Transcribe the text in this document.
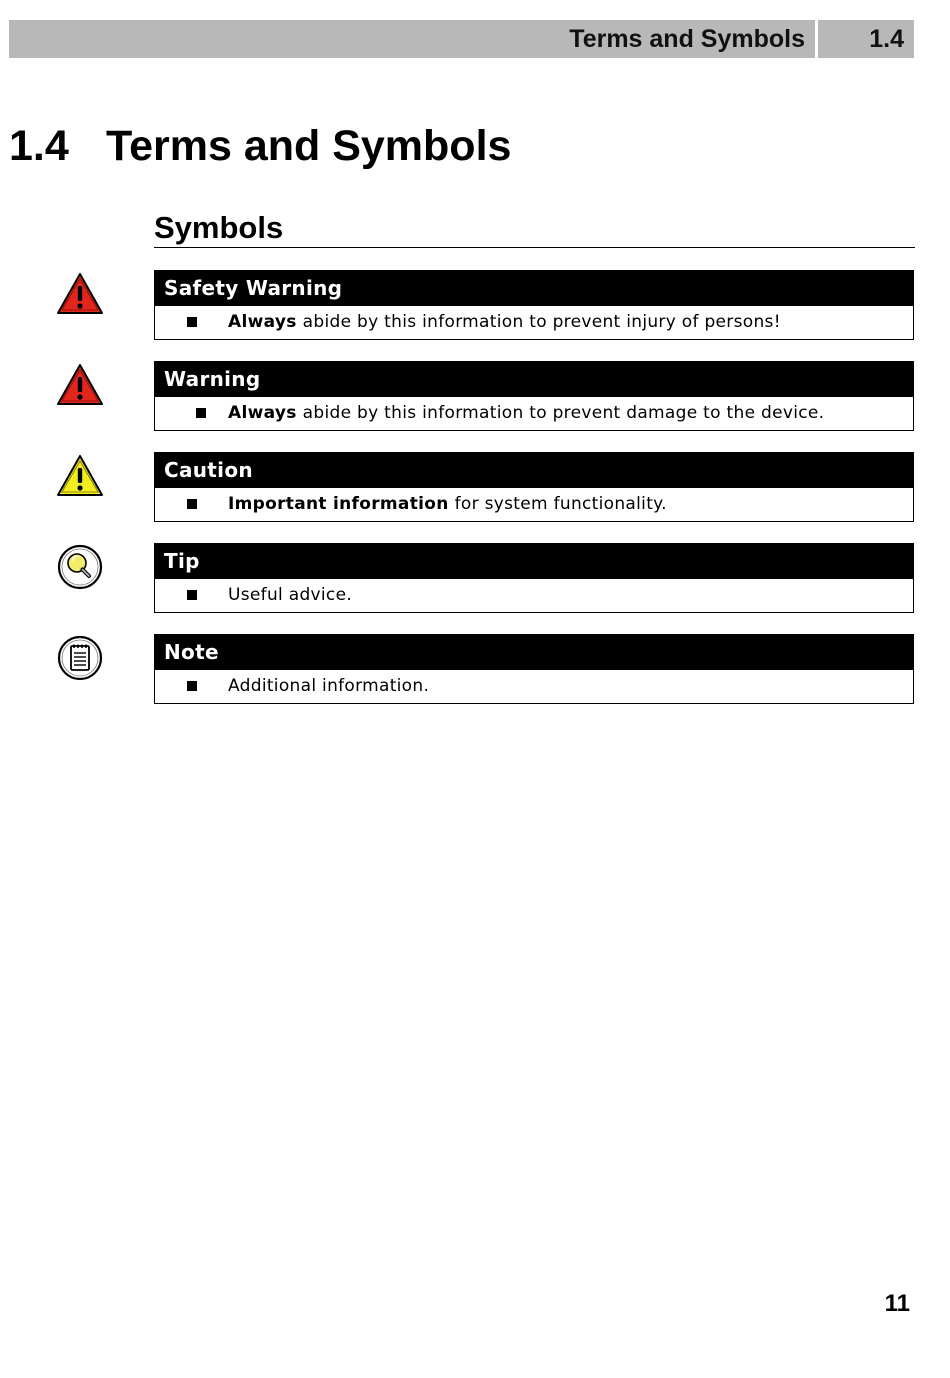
Terms and Symbols	1.4
1.4 Terms and Symbols
Symbols
Safety Warning
Always abide by this information to prevent injury of persons!
Warning
Always abide by this information to prevent damage to the device.
Caution
Important information for system functionality.
Tip
Useful advice.
Note
Additional information.
11
